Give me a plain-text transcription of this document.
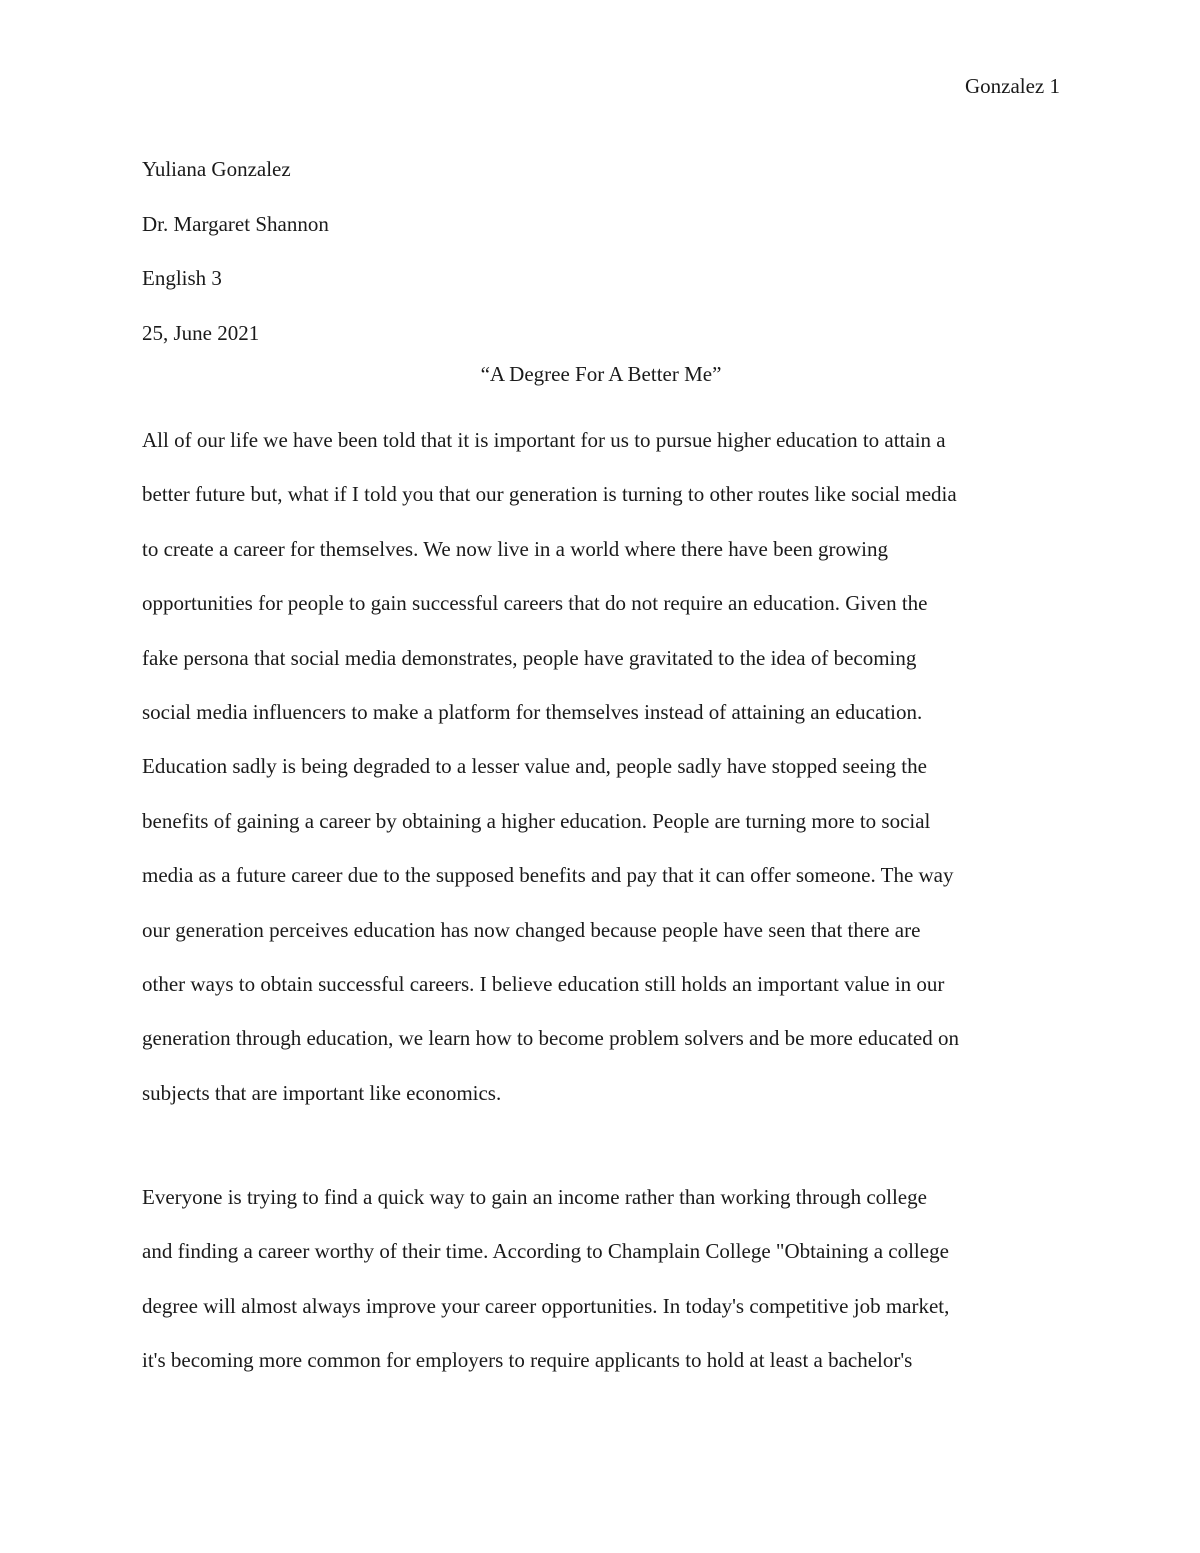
Gonzalez 1
Yuliana Gonzalez
Dr. Margaret Shannon
English 3
25, June 2021
“A Degree For A Better Me”
All of our life we have been told that it is important for us to pursue higher education to attain a
better future but, what if I told you that our generation is turning to other routes like social media
to create a career for themselves. We now live in a world where there have been growing
opportunities for people to gain successful careers that do not require an education. Given the
fake persona that social media demonstrates, people have gravitated to the idea of becoming
social media influencers to make a platform for themselves instead of attaining an education.
Education sadly is being degraded to a lesser value and, people sadly have stopped seeing the
benefits of gaining a career by obtaining a higher education. People are turning more to social
media as a future career due to the supposed benefits and pay that it can offer someone. The way
our generation perceives education has now changed because people have seen that there are
other ways to obtain successful careers. I believe education still holds an important value in our
generation through education, we learn how to become problem solvers and be more educated on
subjects that are important like economics.
Everyone is trying to find a quick way to gain an income rather than working through college
and finding a career worthy of their time. According to Champlain College "Obtaining a college
degree will almost always improve your career opportunities. In today's competitive job market,
it's becoming more common for employers to require applicants to hold at least a bachelor's
